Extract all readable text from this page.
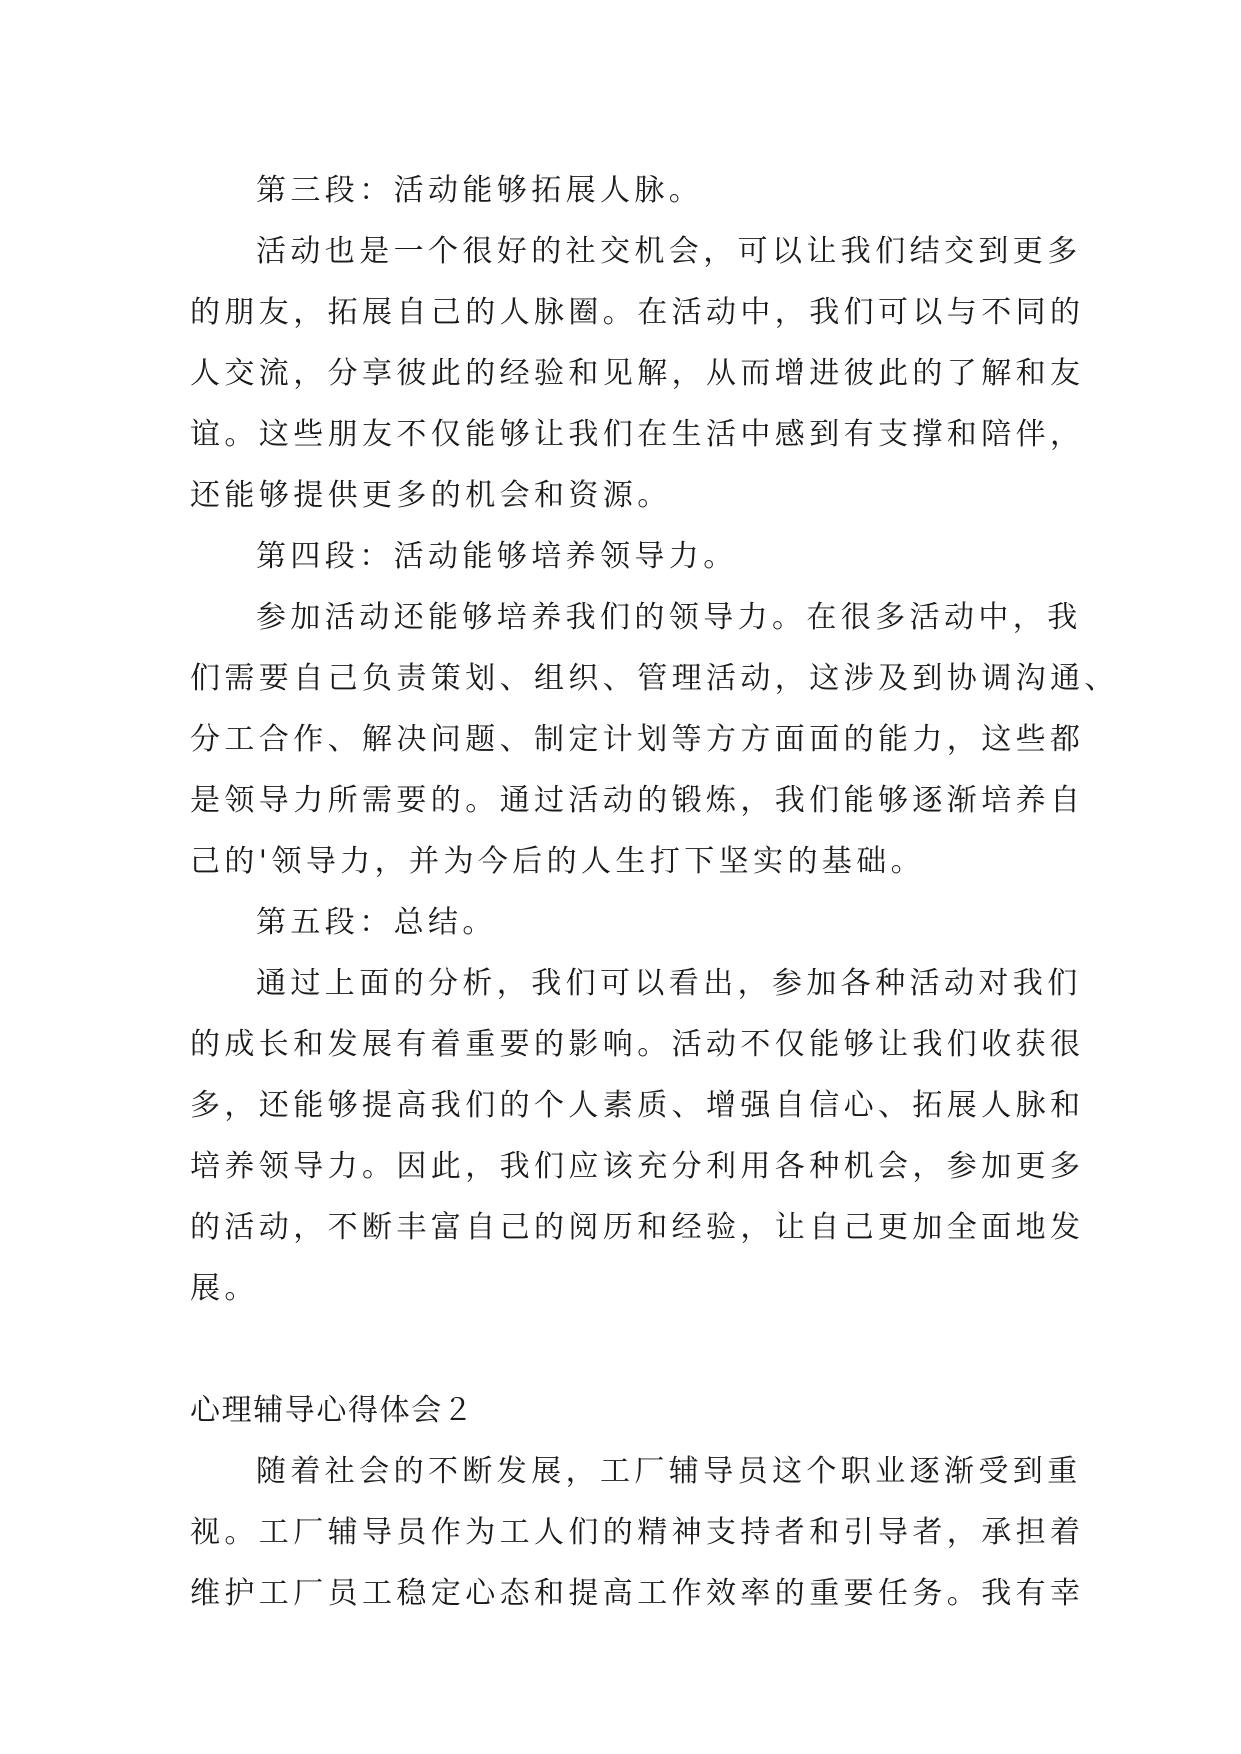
第三段：活动能够拓展人脉。
活动也是一个很好的社交机会，可以让我们结交到更多
的朋友，拓展自己的人脉圈。在活动中，我们可以与不同的
人交流，分享彼此的经验和见解，从而增进彼此的了解和友
谊。这些朋友不仅能够让我们在生活中感到有支撑和陪伴，
还能够提供更多的机会和资源。
第四段：活动能够培养领导力。
参加活动还能够培养我们的领导力。在很多活动中，我
们需要自己负责策划、组织、管理活动，这涉及到协调沟通、
分工合作、解决问题、制定计划等方方面面的能力，这些都
是领导力所需要的。通过活动的锻炼，我们能够逐渐培养自
己的'领导力，并为今后的人生打下坚实的基础。
第五段：总结。
通过上面的分析，我们可以看出，参加各种活动对我们
的成长和发展有着重要的影响。活动不仅能够让我们收获很
多，还能够提高我们的个人素质、增强自信心、拓展人脉和
培养领导力。因此，我们应该充分利用各种机会，参加更多
的活动，不断丰富自己的阅历和经验，让自己更加全面地发
展。
心理辅导心得体会２
随着社会的不断发展，工厂辅导员这个职业逐渐受到重
视。工厂辅导员作为工人们的精神支持者和引导者，承担着
维护工厂员工稳定心态和提高工作效率的重要任务。我有幸
